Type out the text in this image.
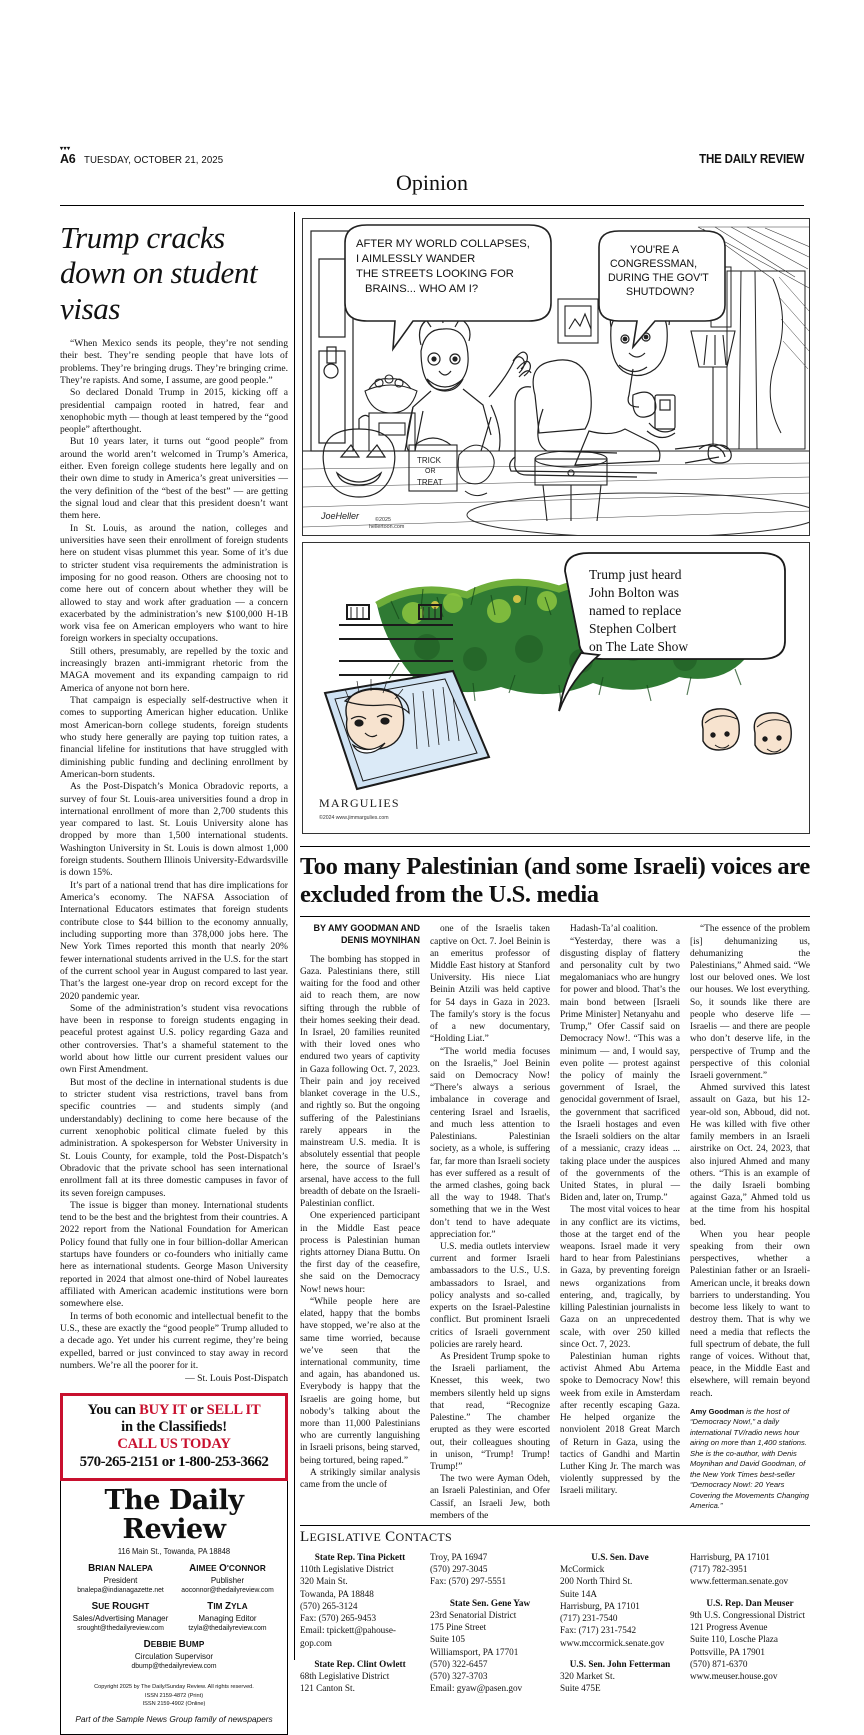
▾▾▾
A6 TUESDAY, OCTOBER 21, 2025	THE DAILY REVIEW
Opinion
Trump cracks down on student visas

“When Mexico sends its people, they’re not sending their best. They’re sending people that have lots of problems. They’re bringing drugs. They’re bringing crime. They’re rapists. And some, I assume, are good people.”

So declared Donald Trump in 2015, kicking off a presidential campaign rooted in hatred, fear and xenophobic myth — though at least tempered by the “good people” afterthought.

But 10 years later, it turns out “good people” from around the world aren’t welcomed in Trump’s America, either. Even foreign college students here legally and on their own dime to study in America’s great universities — the very definition of the “best of the best” — are getting the signal loud and clear that this president doesn’t want them here.

In St. Louis, as around the nation, colleges and universities have seen their enrollment of foreign students here on student visas plummet this year. Some of it’s due to stricter student visa requirements the administration is imposing for no good reason. Others are choosing not to come here out of concern about whether they will be allowed to stay and work after graduation — a concern exacerbated by the administration’s new $100,000 H-1B work visa fee on American employers who want to hire foreign workers in specialty occupations.

Still others, presumably, are repelled by the toxic and increasingly brazen anti-immigrant rhetoric from the MAGA movement and its expanding campaign to rid America of anyone not born here.

That campaign is especially self-destructive when it comes to supporting American higher education. Unlike most American-born college students, foreign students who study here generally are paying top tuition rates, a financial lifeline for institutions that have struggled with diminishing public funding and declining enrollment by American-born students.

As the Post-Dispatch’s Monica Obradovic reports, a survey of four St. Louis-area universities found a drop in international enrollment of more than 2,700 students this year compared to last. St. Louis University alone has dropped by more than 1,500 international students. Washington University in St. Louis is down almost 1,000 foreign students. Southern Illinois University-Edwardsville is down 15%.

It’s part of a national trend that has dire implications for America’s economy. The NAFSA Association of International Educators estimates that foreign students contribute close to $44 billion to the economy annually, including supporting more than 378,000 jobs here. The New York Times reported this month that nearly 20% fewer international students arrived in the U.S. for the start of the current school year in August compared to last year. That’s the largest one-year drop on record except for the 2020 pandemic year.

Some of the administration’s student visa revocations have been in response to foreign students engaging in peaceful protest against U.S. policy regarding Gaza and other controversies. That’s a shameful statement to the world about how little our current president values our own First Amendment.

But most of the decline in international students is due to stricter student visa restrictions, travel bans from specific countries — and students simply (and understandably) declining to come here because of the current xenophobic political climate fueled by this administration. A spokesperson for Webster University in St. Louis County, for example, told the Post-Dispatch’s Obradovic that the private school has seen international enrollment fall at its three domestic campuses in favor of its seven foreign campuses.

The issue is bigger than money. International students tend to be the best and the brightest from their countries. A 2022 report from the National Foundation for American Policy found that fully one in four billion-dollar American startups have founders or co-founders who initially came here as international students. George Mason University reported in 2024 that almost one-third of Nobel laureates affiliated with American academic institutions were born somewhere else.

In terms of both economic and intellectual benefit to the U.S., these are exactly the “good people” Trump alluded to a decade ago. Yet under his current regime, they’re being expelled, barred or just convinced to stay away in record numbers. We’re all the poorer for it.

— St. Louis Post-Dispatch
You can BUY IT or SELL IT
in the Classifieds!
CALL US TODAY
570-265-2151 or 1-800-253-3662
The Daily Review
116 Main St., Towanda, PA 18848
BRIAN NALEPA
President
bnalepa@indianagazette.net
AIMEE O'CONNOR
Publisher
aoconnor@thedailyreview.com
SUE ROUGHT
Sales/Advertising Manager
srought@thedailyreview.com
TIM ZYLA
Managing Editor
tzyla@thedailyreview.com
DEBBIE BUMP
Circulation Supervisor
dbump@thedailyreview.com
Copyright 2025 by The Daily/Sunday Review. All rights reserved.
ISSN 2159-4872 (Print)
ISSN 2159-4902 (Online)
Part of the Sample News Group family of newspapers
TRICK
OR
TREAT
AFTER MY WORLD COLLAPSES,
I AIMLESSLY WANDER
THE STREETS LOOKING FOR
BRAINS... WHO AM I?
YOU'RE A
CONGRESSMAN,
DURING THE GOV'T
SHUTDOWN?
JoeHeller	©2025
hellertoon.com
Trump just heard
John Bolton was
named to replace
Stephen Colbert
on The Late Show
MARGULIES
©2024 www.jimmargulies.com
Too many Palestinian (and some Israeli) voices are excluded from the U.S. media
BY AMY GOODMAN AND DENIS MOYNIHAN

The bombing has stopped in Gaza. Palestinians there, still waiting for the food and other aid to reach them, are now sifting through the rubble of their homes seeking their dead. In Israel, 20 families reunited with their loved ones who endured two years of captivity in Gaza following Oct. 7, 2023. Their pain and joy received blanket coverage in the U.S., and rightly so. But the ongoing suffering of the Palestinians rarely appears in the mainstream U.S. media. It is absolutely essential that people here, the source of Israel’s arsenal, have access to the full breadth of debate on the Israeli-Palestinian conflict.

One experienced participant in the Middle East peace process is Palestinian human rights attorney Diana Buttu. On the first day of the ceasefire, she said on the Democracy Now! news hour:

“While people here are elated, happy that the bombs have stopped, we’re also at the same time worried, because we’ve seen that the international community, time and again, has abandoned us. Everybody is happy that the Israelis are going home, but nobody’s talking about the more than 11,000 Palestinians who are currently languishing in Israeli prisons, being starved, being tortured, being raped.”

A strikingly similar analysis came from the uncle of

one of the Israelis taken captive on Oct. 7. Joel Beinin is an emeritus professor of Middle East history at Stanford University. His niece Liat Beinin Atzili was held captive for 54 days in Gaza in 2023. The family's story is the focus of a new documentary, “Holding Liat.”

“The world media focuses on the Israelis,” Joel Beinin said on Democracy Now! “There’s always a serious imbalance in coverage and centering Israel and Israelis, and much less attention to Palestinians. Palestinian society, as a whole, is suffering far, far more than Israeli society has ever suffered as a result of the armed clashes, going back all the way to 1948. That's something that we in the West don’t tend to have adequate appreciation for.”

U.S. media outlets interview current and former Israeli ambassadors to the U.S., U.S. ambassadors to Israel, and policy analysts and so-called experts on the Israel-Palestine conflict. But prominent Israeli critics of Israeli government policies are rarely heard.

As President Trump spoke to the Israeli parliament, the Knesset, this week, two members silently held up signs that read, “Recognize Palestine.” The chamber erupted as they were escorted out, their colleagues shouting in unison, “Trump! Trump! Trump!”

The two were Ayman Odeh, an Israeli Palestinian, and Ofer Cassif, an Israeli Jew, both members of the

Hadash-Ta’al coalition.

“Yesterday, there was a disgusting display of flattery and personality cult by two megalomaniacs who are hungry for power and blood. That’s the main bond between [Israeli Prime Minister] Netanyahu and Trump,” Ofer Cassif said on Democracy Now!. “This was a minimum — and, I would say, even polite — protest against the policy of mainly the government of Israel, the genocidal government of Israel, the government that sacrificed the Israeli hostages and even the Israeli soldiers on the altar of a messianic, crazy ideas ... taking place under the auspices of the governments of the United States, in plural — Biden and, later on, Trump.”

The most vital voices to hear in any conflict are its victims, those at the target end of the weapons. Israel made it very hard to hear from Palestinians in Gaza, by preventing foreign news organizations from entering, and, tragically, by killing Palestinian journalists in Gaza on an unprecedented scale, with over 250 killed since Oct. 7, 2023.

Palestinian human rights activist Ahmed Abu Artema spoke to Democracy Now! this week from exile in Amsterdam after recently escaping Gaza. He helped organize the nonviolent 2018 Great March of Return in Gaza, using the tactics of Gandhi and Martin Luther King Jr. The march was violently suppressed by the Israeli military.

“The essence of the problem [is] dehumanizing us, dehumanizing the Palestinians,” Ahmed said. “We lost our beloved ones. We lost our houses. We lost everything. So, it sounds like there are people who deserve life — Israelis — and there are people who don’t deserve life, in the perspective of Trump and the perspective of this colonial Israeli government.”

Ahmed survived this latest assault on Gaza, but his 12-year-old son, Abboud, did not. He was killed with five other family members in an Israeli airstrike on Oct. 24, 2023, that also injured Ahmed and many others. “This is an example of the daily Israeli bombing against Gaza,” Ahmed told us at the time from his hospital bed.

When you hear people speaking from their own perspectives, whether a Palestinian father or an Israeli-American uncle, it breaks down barriers to understanding. You become less likely to want to destroy them. That is why we need a media that reflects the full spectrum of debate, the full range of voices. Without that, peace, in the Middle East and elsewhere, will remain beyond reach.

Amy Goodman is the host of “Democracy Now!,” a daily international TV/radio news hour airing on more than 1,400 stations. She is the co-author, with Denis Moynihan and David Goodman, of the New York Times best-seller “Democracy Now!: 20 Years Covering the Movements Changing America.”
LEGISLATIVE CONTACTS
State Rep. Tina Pickett
110th Legislative District
320 Main St.
Towanda, PA 18848
(570) 265-3124
Fax: (570) 265-9453
Email: tpickett@pahouse-gop.com
State Rep. Clint Owlett
68th Legislative District
121 Canton St.
Troy, PA 16947
(570) 297-3045
Fax: (570) 297-5551
State Sen. Gene Yaw
23rd Senatorial District
175 Pine Street
Suite 105
Williamsport, PA 17701
(570) 322-6457
(570) 327-3703
Email: gyaw@pasen.gov
U.S. Sen. Dave
McCormick
200 North Third St.
Suite 14A
Harrisburg, PA 17101
(717) 231-7540
Fax: (717) 231-7542
www.mccormick.senate.gov
U.S. Sen. John Fetterman
320 Market St.
Suite 475E
Harrisburg, PA 17101
(717) 782-3951
www.fetterman.senate.gov
U.S. Rep. Dan Meuser
9th U.S. Congressional District
121 Progress Avenue
Suite 110, Losche Plaza
Pottsville, PA 17901
(570) 871-6370
www.meuser.house.gov
